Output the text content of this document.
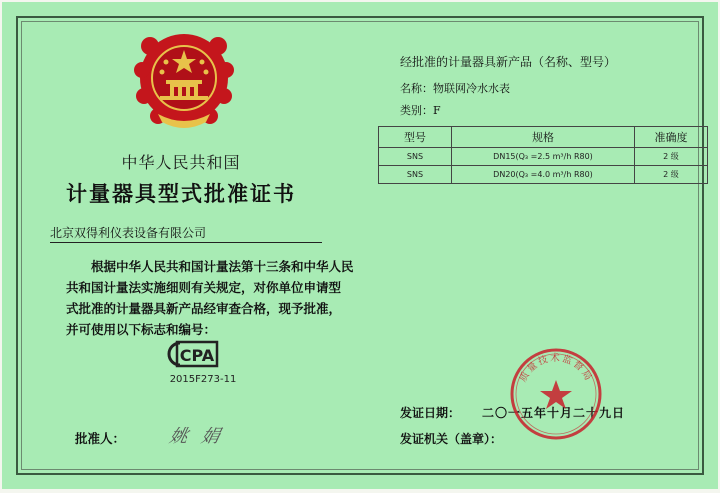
中华人民共和国
计量器具型式批准证书
北京双得利仪表设备有限公司
根据中华人民共和国计量法第十三条和中华人民
共和国计量法实施细则有关规定，对你单位申请型
式批准的计量器具新产品经审查合格，现予批准，
并可使用以下标志和编号：
CPA
2015F273-11
批准人： 姚 娟
经批准的计量器具新产品（名称、型号）
名称：物联网冷水水表
类别：F
型号	规格	准确度
SNS	DN15(Q₃ =2.5 m³/h R80)	2 级
SNS	DN20(Q₃ =4.0 m³/h R80)	2 级
发证日期： 二〇一五年十月二十九日
发证机关（盖章）：
质量技术监督局
